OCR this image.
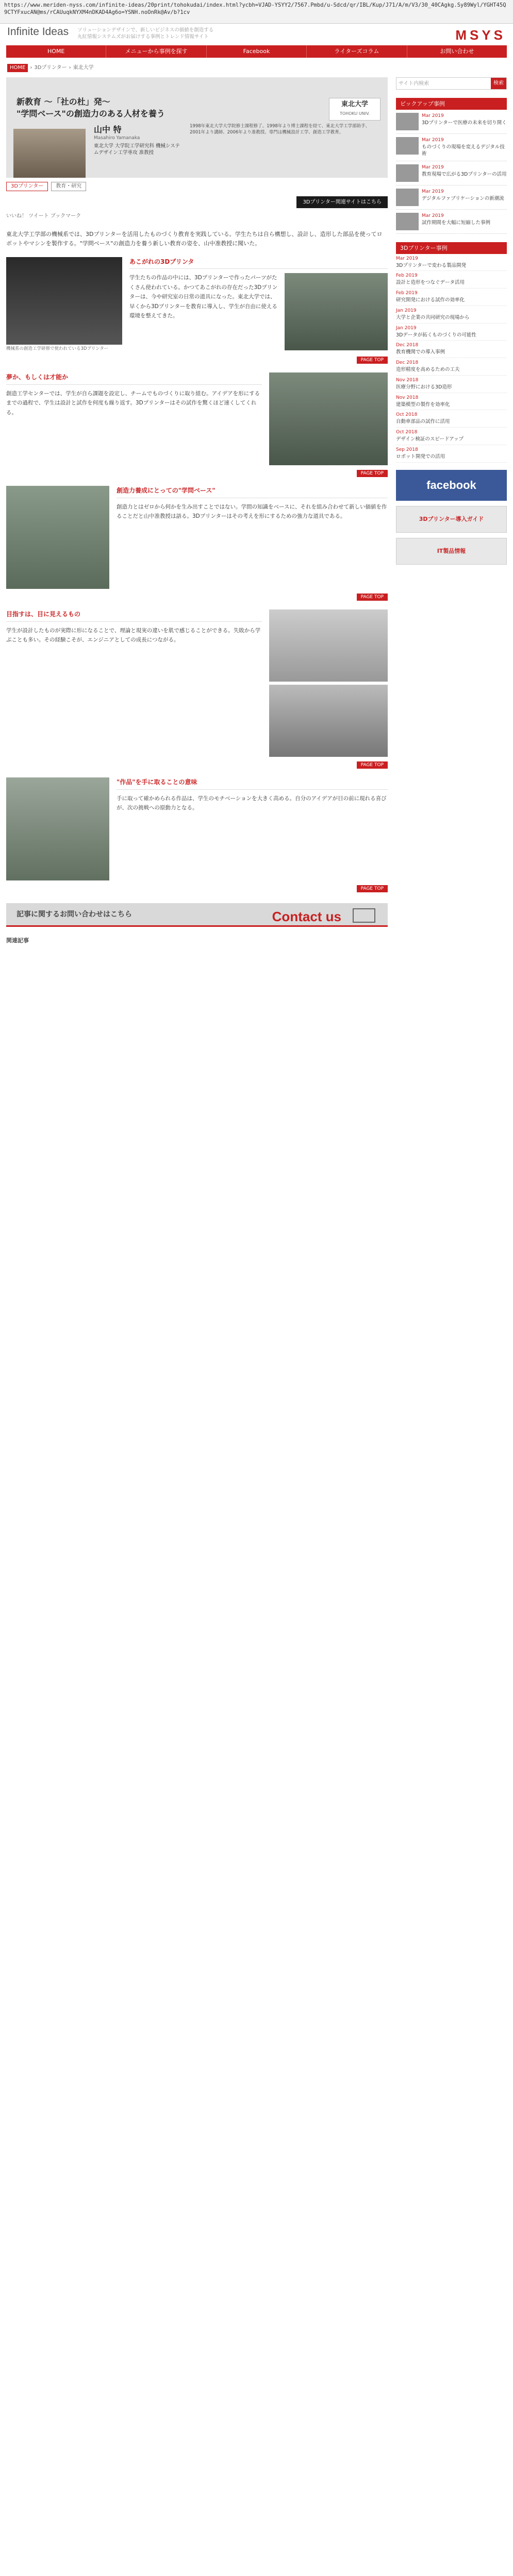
https://www.meriden-nyss.com/infinite-ideas/20print/tohokudai/index.html?ycbh=VJAD-YSYY2/7567.Pmbd/u-Sdcd/qr/IBL/Kup/J71/A/m/V3/30_40CAgkg.Sy89Wyl/YGHT45Q9CTYFxucAN@ms/rCAUuqkNYXM4nDKAD4Ag6o=YSNH.noOnRk@Av/b?1cv
Infinite Ideas ソリューションデザインで、新しいビジネスの価値を創造する
丸紅情報システムズがお届けする事例とトレンド情報サイト	MSYS
HOME	メニューから事例を探す	Facebook	ライターズコラム	お問い合わせ
HOME › 3Dプリンター › 東北大学
新教育 〜「社の杜」発〜
"学問ベース"の創造力のある人材を養う
東北大学
TOHOKU UNIV.
山中 特
Masahiro Yamanaka
東北大学 大学院工学研究科 機械システムデザイン工学専攻 准教授
1998年東北大学大学院修士課程修了。1998年より博士課程を経て、東北大学工学部助手、2001年より講師、2006年より准教授。専門は機械設計工学、創造工学教育。
3Dプリンター	教育・研究
3Dプリンター関連サイトはこちら
いいね！ ツイート ブックマーク

東北大学工学部の機械系では、3Dプリンターを活用したものづくり教育を実践している。学生たちは自ら構想し、設計し、造形した部品を使ってロボットやマシンを製作する。"学問ベース"の創造力を養う新しい教育の姿を、山中准教授に聞いた。

機械系の創造工学研修で使われている3Dプリンター
あこがれの3Dプリンタ

学生たちの作品の中には、3Dプリンターで作ったパーツがたくさん使われている。かつてあこがれの存在だった3Dプリンターは、今や研究室の日常の道具になった。東北大学では、早くから3Dプリンターを教育に導入し、学生が自由に使える環境を整えてきた。

PAGE TOP
夢か、もしくは才能か

創造工学センターでは、学生が自ら課題を設定し、チームでものづくりに取り組む。アイデアを形にするまでの過程で、学生は設計と試作を何度も繰り返す。3Dプリンターはその試作を驚くほど速くしてくれる。

PAGE TOP
創造力養成にとっての"学問ベース"

創造力とはゼロから何かを生み出すことではない。学問の知識をベースに、それを組み合わせて新しい価値を作ることだと山中准教授は語る。3Dプリンターはその考えを形にするための強力な道具である。

PAGE TOP
目指すは、目に見えるもの

学生が設計したものが実際に形になることで、理論と現実の違いを肌で感じることができる。失敗から学ぶことも多い。その経験こそが、エンジニアとしての成長につながる。

PAGE TOP
"作品"を手に取ることの意味

手に取って確かめられる作品は、学生のモチベーションを大きく高める。自分のアイデアが目の前に現れる喜びが、次の挑戦への原動力となる。

PAGE TOP
記事に関するお問い合わせはこちら	Contact us
関連記事
サイト内検索	検索
ピックアップ事例
Mar 2019
3Dプリンターで医療の未来を切り開く
Mar 2019
ものづくりの現場を変えるデジタル技術
Mar 2019
教育現場で広がる3Dプリンターの活用
Mar 2019
デジタルファブリケーションの新潮流
Mar 2019
試作期間を大幅に短縮した事例
3Dプリンター事例
Mar 2019
3Dプリンターで変わる製品開発
Feb 2019
設計と造形をつなぐデータ活用
Feb 2019
研究開発における試作の効率化
Jan 2019
大学と企業の共同研究の現場から
Jan 2019
3Dデータが拓くものづくりの可能性
Dec 2018
教育機関での導入事例
Dec 2018
造形精度を高めるための工夫
Nov 2018
医療分野における3D造形
Nov 2018
建築模型の製作を効率化
Oct 2018
自動車部品の試作に活用
Oct 2018
デザイン検証のスピードアップ
Sep 2018
ロボット開発での活用
facebook
3Dプリンター導入ガイド
IT製品情報
